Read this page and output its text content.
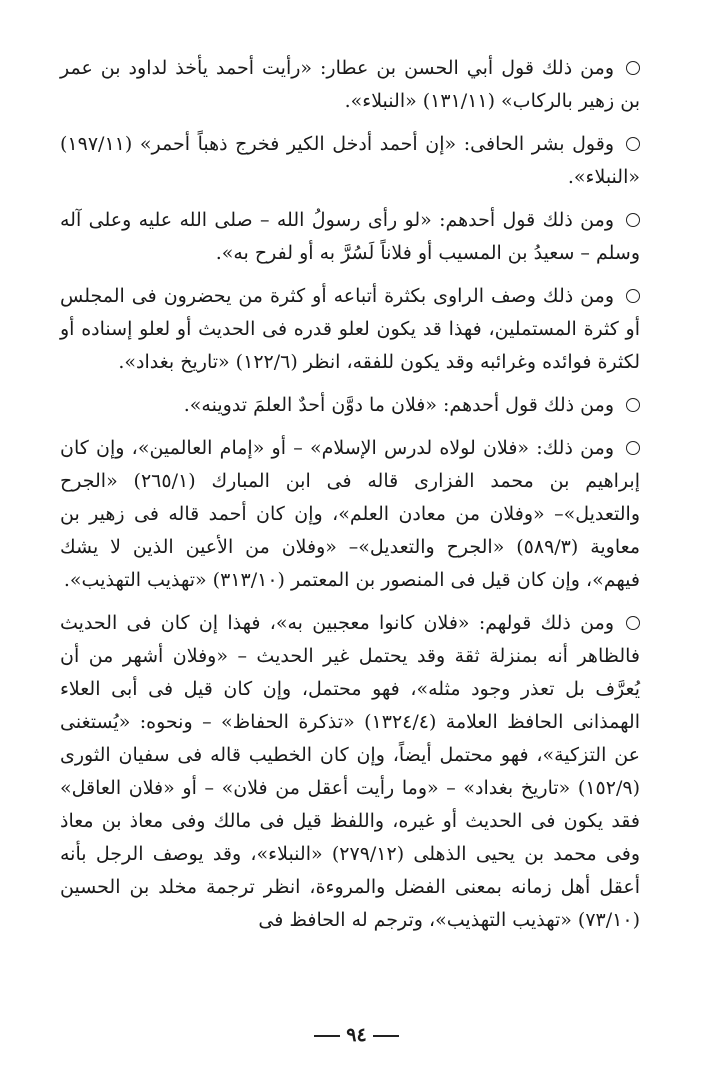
ومن ذلك قول أبي الحسن بن عطار: «رأيت أحمد يأخذ لداود بن عمر بن زهير بالركاب» (١٣١/١١) «النبلاء».

وقول بشر الحافى: «إن أحمد أدخل الكير فخرج ذهباً أحمر» (١٩٧/١١) «النبلاء».

ومن ذلك قول أحدهم: «لو رأى رسولُ الله – صلى الله عليه وعلى آله وسلم – سعيدُ بن المسيب أو فلاناً لَسُرَّ به أو لفرح به».

ومن ذلك وصف الراوى بكثرة أتباعه أو كثرة من يحضرون فى المجلس أو كثرة المستملين، فهذا قد يكون لعلو قدره فى الحديث أو لعلو إسناده أو لكثرة فوائده وغرائبه وقد يكون للفقه، انظر (١٢٢/٦) «تاريخ بغداد».

ومن ذلك قول أحدهم: «فلان ما دوَّن أحدٌ العلمَ تدوينه».

ومن ذلك: «فلان لولاه لدرس الإسلام» – أو «إمام العالمين»، وإن كان إبراهيم بن محمد الفزارى قاله فى ابن المبارك (٢٦٥/١) «الجرح والتعديل»– «وفلان من معادن العلم»، وإن كان أحمد قاله فى زهير بن معاوية (٥٨٩/٣) «الجرح والتعديل»– «وفلان من الأعين الذين لا يشك فيهم»، وإن كان قيل فى المنصور بن المعتمر (٣١٣/١٠) «تهذيب التهذيب».

ومن ذلك قولهم: «فلان كانوا معجبين به»، فهذا إن كان فى الحديث فالظاهر أنه بمنزلة ثقة وقد يحتمل غير الحديث – «وفلان أشهر من أن يُعرَّف بل تعذر وجود مثله»، فهو محتمل، وإن كان قيل فى أبى العلاء الهمذانى الحافظ العلامة (١٣٢٤/٤) «تذكرة الحفاظ» – ونحوه: «يُستغنى عن التزكية»، فهو محتمل أيضاً، وإن كان الخطيب قاله فى سفيان الثورى (١٥٢/٩) «تاريخ بغداد» – «وما رأيت أعقل من فلان» – أو «فلان العاقل» فقد يكون فى الحديث أو غيره، واللفظ قيل فى مالك وفى معاذ بن معاذ وفى محمد بن يحيى الذهلى (٢٧٩/١٢) «النبلاء»، وقد يوصف الرجل بأنه أعقل أهل زمانه بمعنى الفضل والمروءة، انظر ترجمة مخلد بن الحسين (٧٣/١٠) «تهذيب التهذيب»، وترجم له الحافظ فى

٩٤
